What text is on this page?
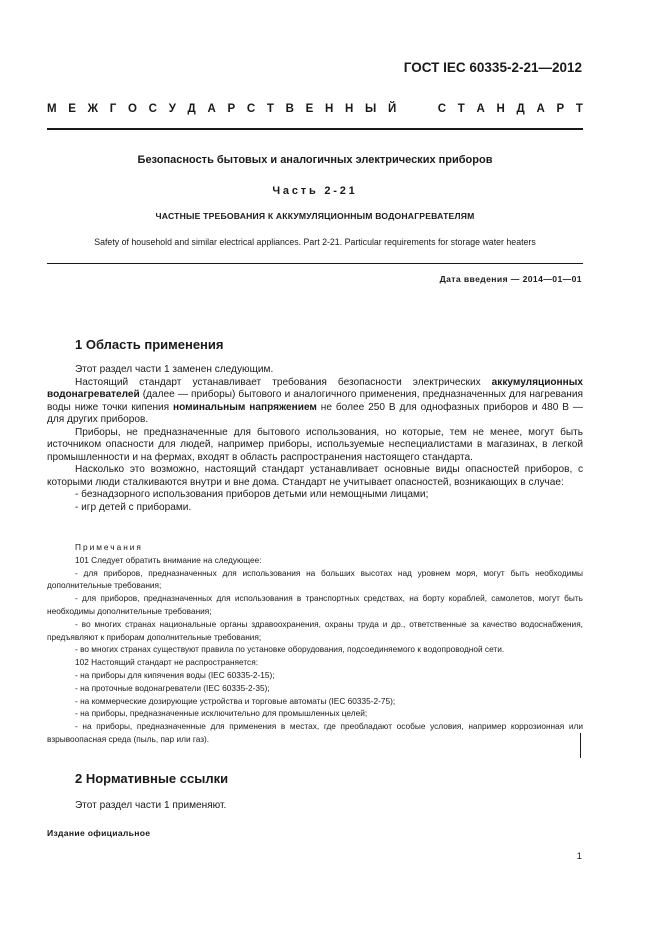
ГОСТ IEC 60335-2-21—2012
М Е Ж Г О С У Д А Р С Т В Е Н Н Ы Й

	С Т А Н Д А Р Т
Безопасность бытовых и аналогичных электрических приборов
Часть 2-21
ЧАСТНЫЕ ТРЕБОВАНИЯ К АККУМУЛЯЦИОННЫМ ВОДОНАГРЕВАТЕЛЯМ
Safety of household and similar electrical appliances. Part 2-21. Particular requirements for storage water heaters
Дата введения — 2014—01—01
1 Область применения

Этот раздел части 1 заменен следующим.

Настоящий стандарт устанавливает требования безопасности электрических аккумуляционных водонагревателей (далее — приборы) бытового и аналогичного применения, предназначенных для нагревания воды ниже точки кипения номинальным напряжением не более 250 В для однофазных приборов и 480 В — для других приборов.

Приборы, не предназначенные для бытового использования, но которые, тем не менее, могут быть источником опасности для людей, например приборы, используемые неспециалистами в магазинах, в легкой промышленности и на фермах, входят в область распространения настоящего стандарта.

Насколько это возможно, настоящий стандарт устанавливает основные виды опасностей приборов, с которыми люди сталкиваются внутри и вне дома. Стандарт не учитывает опасностей, возникающих в случае:

- безнадзорного использования приборов детьми или немощными лицами;

- игр детей с приборами.

Примечания

101 Следует обратить внимание на следующее:

- для приборов, предназначенных для использования на больших высотах над уровнем моря, могут быть необходимы дополнительные требования;

- для приборов, предназначенных для использования в транспортных средствах, на борту кораблей, самолетов, могут быть необходимы дополнительные требования;

- во многих странах национальные органы здравоохранения, охраны труда и др., ответственные за качество водоснабжения, предъявляют к приборам дополнительные требования;

- во многих странах существуют правила по установке оборудования, подсоединяемого к водопроводной сети.

102 Настоящий стандарт не распространяется:

- на приборы для кипячения воды (IEC 60335-2-15);

- на проточные водонагреватели (IEC 60335-2-35);

- на коммерческие дозирующие устройства и торговые автоматы (IEC 60335-2-75);

- на приборы, предназначенные исключительно для промышленных целей;

- на приборы, предназначенные для применения в местах, где преобладают особые условия, например коррозионная или взрывоопасная среда (пыль, пар или газ).

2 Нормативные ссылки

Этот раздел части 1 применяют.

Издание официальное
1
